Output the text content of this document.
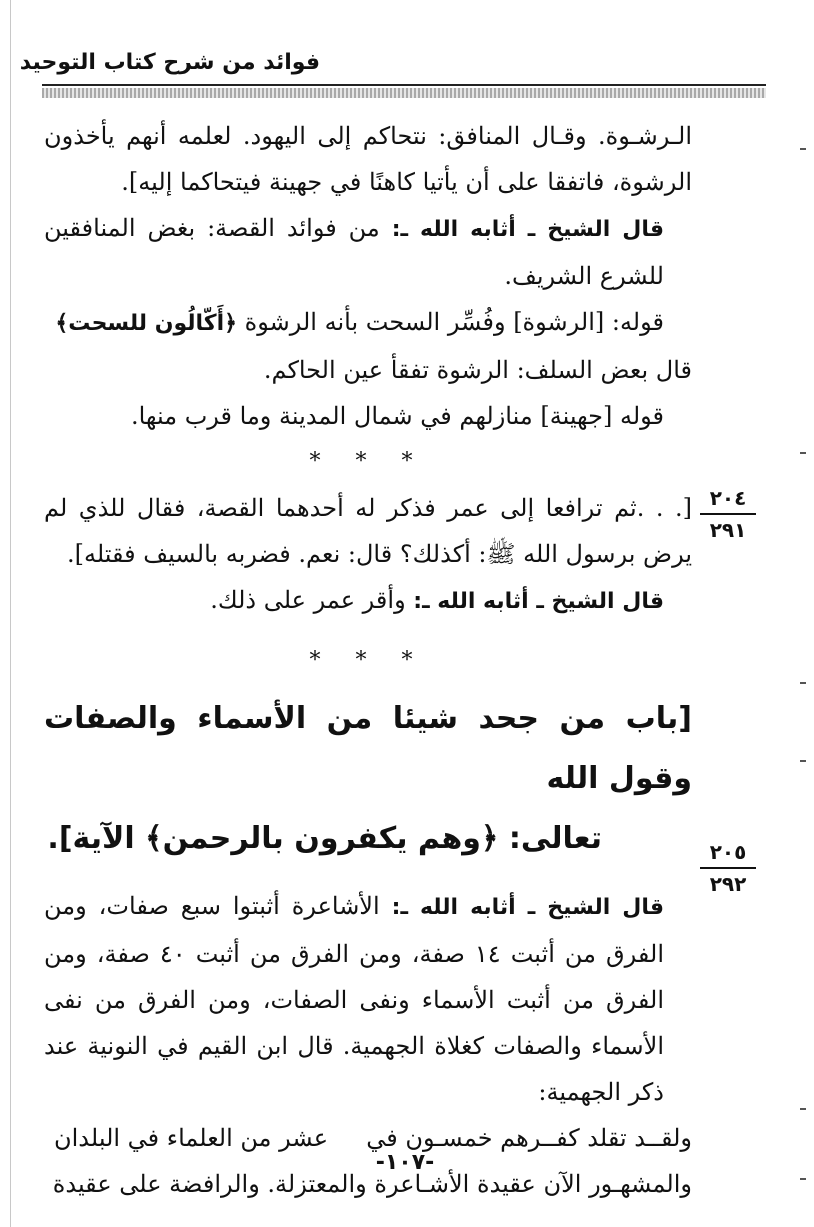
فوائد من شرح كتاب التوحيد
٢٠٤
٢٩١
٢٠٥
٢٩٢

الـرشـوة. وقـال المنافق: نتحاكم إلى اليهود. لعلمه أنهم يأخذون الرشوة، فاتفقا على أن يأتيا كاهنًا في جهينة فيتحاكما إليه].

قال الشيخ ـ أثابه الله ـ: من فوائد القصة: بغض المنافقين للشرع الشريف.

قوله: [الرشوة] وفُسِّر السحت بأنه الرشوة ﴿أَكّالُون للسحت﴾

قال بعض السلف: الرشوة تفقأ عين الحاكم.

قوله [جهينة] منازلهم في شمال المدينة وما قرب منها.

* * *

[. . .ثم ترافعا إلى عمر فذكر له أحدهما القصة، فقال للذي لم يرض برسول الله ﷺ: أكذلك؟ قال: نعم. فضربه بالسيف فقتله].

قال الشيخ ـ أثابه الله ـ: وأقر عمر على ذلك.

* * *

[باب من جحد شيئا من الأسماء والصفات وقول الله
تعالى: ﴿وهم يكفرون بالرحمن﴾ الآية].

قال الشيخ ـ أثابه الله ـ: الأشاعرة أثبتوا سبع صفات، ومن الفرق من أثبت ١٤ صفة، ومن الفرق من أثبت ٤٠ صفة، ومن الفرق من أثبت الأسماء ونفى الصفات، ومن الفرق من نفى الأسماء والصفات كغلاة الجهمية. قال ابن القيم في النونية عند ذكر الجهمية:

ولقــد تقلد كفــرهم خمسـون في     عشر من العلماء في البلدان

والمشهـور الآن عقيدة الأشـاعرة والمعتزلة. والرافضة على عقيدة

-١٠٧-
